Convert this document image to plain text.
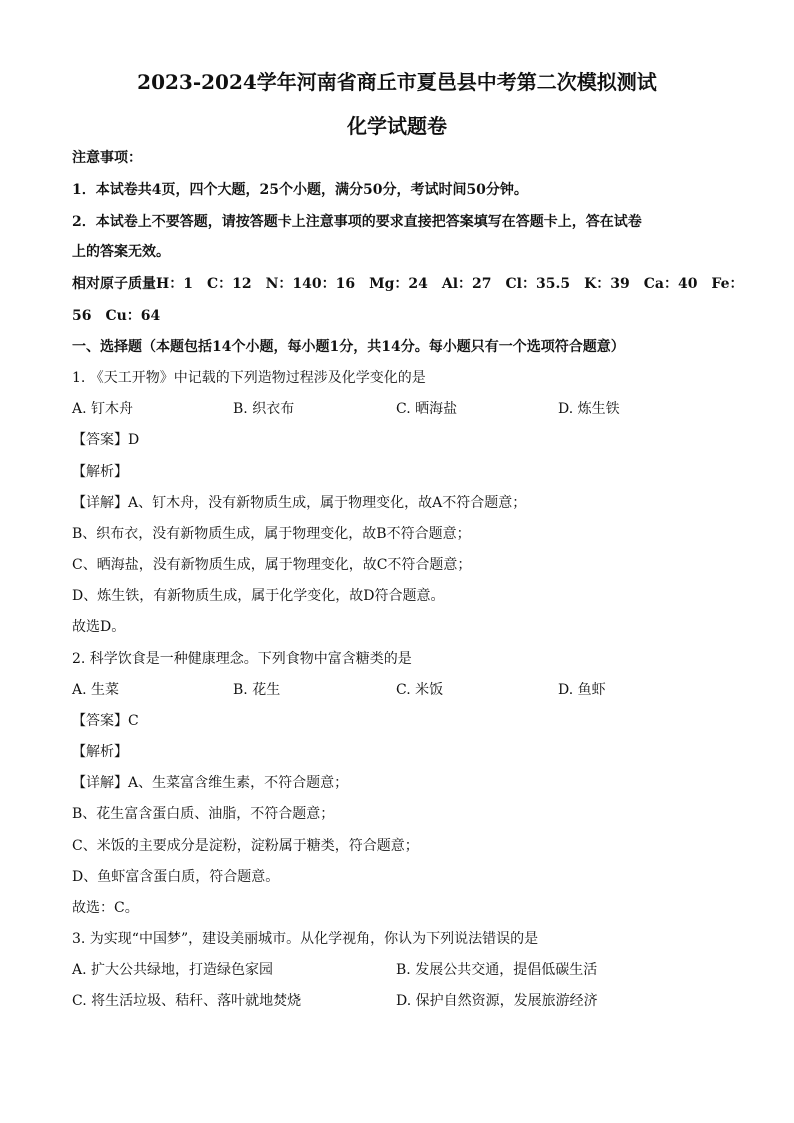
2023-2024学年河南省商丘市夏邑县中考第二次模拟测试
化学试题卷
注意事项：
1．本试卷共4页，四个大题，25个小题，满分50分，考试时间50分钟。
2．本试卷上不要答题，请按答题卡上注意事项的要求直接把答案填写在答题卡上，答在试卷
上的答案无效。
相对原子质量H：1　C：12　N：140：16　Mg：24　Al：27　Cl：35.5　K：39　Ca：40　Fe：
56　Cu：64
一、选择题（本题包括14个小题，每小题1分，共14分。每小题只有一个选项符合题意）
1. 《天工开物》中记载的下列造物过程涉及化学变化的是
A. 钉木舟	B. 织衣布	C. 晒海盐	D. 炼生铁
【答案】D
【解析】
【详解】A、钉木舟，没有新物质生成，属于物理变化，故A不符合题意；
B、织布衣，没有新物质生成，属于物理变化，故B不符合题意；
C、晒海盐，没有新物质生成，属于物理变化，故C不符合题意；
D、炼生铁，有新物质生成，属于化学变化，故D符合题意。
故选D。
2. 科学饮食是一种健康理念。下列食物中富含糖类的是
A. 生菜	B. 花生	C. 米饭	D. 鱼虾
【答案】C
【解析】
【详解】A、生菜富含维生素，不符合题意；
B、花生富含蛋白质、油脂，不符合题意；
C、米饭的主要成分是淀粉，淀粉属于糖类，符合题意；
D、鱼虾富含蛋白质，符合题意。
故选：C。
3. 为实现“中国梦”，建设美丽城市。从化学视角，你认为下列说法错误的是
A. 扩大公共绿地，打造绿色家园	B. 发展公共交通，提倡低碳生活
C. 将生活垃圾、秸秆、落叶就地焚烧	D. 保护自然资源，发展旅游经济
